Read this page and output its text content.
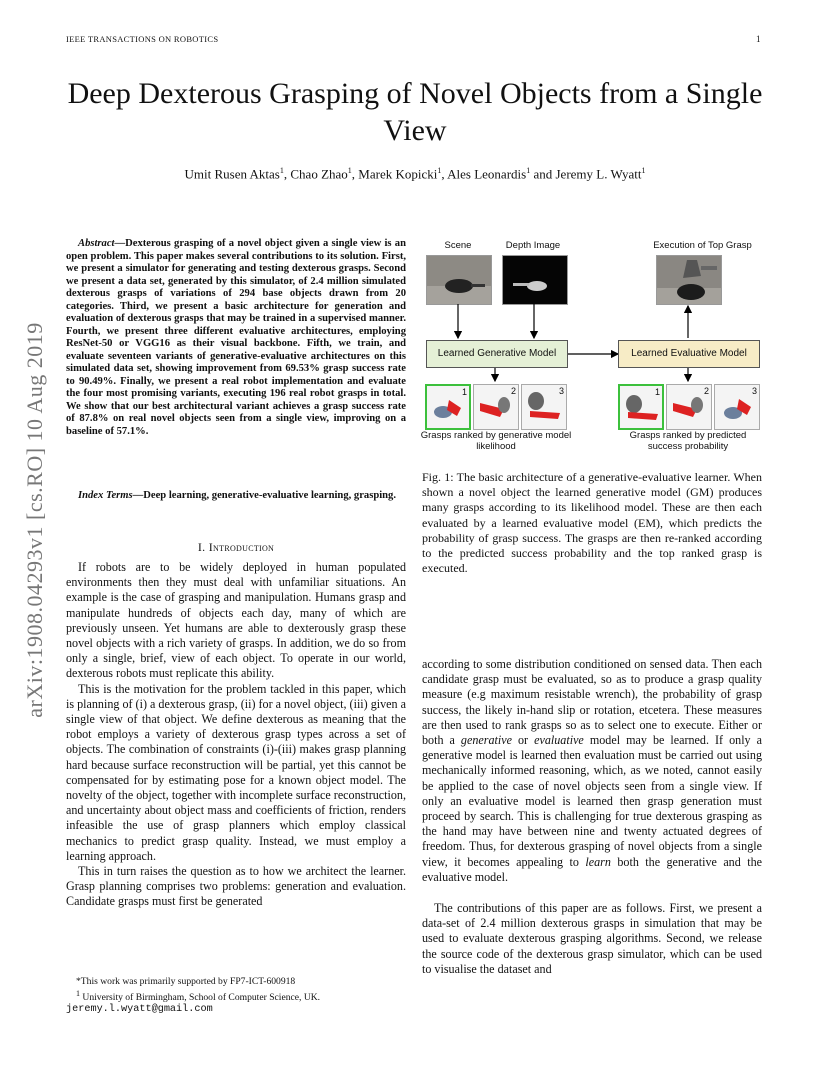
IEEE TRANSACTIONS ON ROBOTICS	1
Deep Dexterous Grasping of Novel Objects from a Single View
Umit Rusen Aktas$^1$, Chao Zhao$^1$, Marek Kopicki$^1$, Ales Leonardis$^1$ and Jeremy L. Wyatt$^1$
arXiv:1908.04293v1 [cs.RO] 10 Aug 2019
Abstract—Dexterous grasping of a novel object given a single view is an open problem. This paper makes several contributions to its solution. First, we present a simulator for generating and testing dexterous grasps. Second we present a data set, generated by this simulator, of 2.4 million simulated dexterous grasps of variations of 294 base objects drawn from 20 categories. Third, we present a basic architecture for generation and evaluation of dexterous grasps that may be trained in a supervised manner. Fourth, we present three different evaluative architectures, employing ResNet-50 or VGG16 as their visual backbone. Fifth, we train, and evaluate seventeen variants of generative-evaluative architectures on this simulated data set, showing improvement from 69.53% grasp success rate to 90.49%. Finally, we present a real robot implementation and evaluate the four most promising variants, executing 196 real robot grasps in total. We show that our best architectural variant achieves a grasp success rate of 87.8% on real novel objects seen from a single view, improving on a baseline of 57.1%.
Index Terms—Deep learning, generative-evaluative learning, grasping.
I. Introduction

If robots are to be widely deployed in human populated environments then they must deal with unfamiliar situations. An example is the case of grasping and manipulation. Humans grasp and manipulate hundreds of objects each day, many of which are previously unseen. Yet humans are able to dexterously grasp these novel objects with a rich variety of grasps. In addition, we do so from only a single, brief, view of each object. To operate in our world, dexterous robots must replicate this ability.

This is the motivation for the problem tackled in this paper, which is planning of (i) a dexterous grasp, (ii) for a novel object, (iii) given a single view of that object. We define dexterous as meaning that the robot employs a variety of dexterous grasp types across a set of objects. The combination of constraints (i)-(iii) makes grasp planning hard because surface reconstruction will be partial, yet this cannot be compensated for by estimating pose for a known object model. The novelty of the object, together with incomplete surface reconstruction, and uncertainty about object mass and coefficients of friction, renders infeasible the use of grasp planners which employ classical mechanics to predict grasp quality. Instead, we must employ a learning approach.

This in turn raises the question as to how we architect the learner. Grasp planning comprises two problems: generation and evaluation. Candidate grasps must first be generated

*This work was primarily supported by FP7-ICT-600918

$^1$ University of Birmingham, School of Computer Science, UK.

jeremy.l.wyatt@gmail.com
Scene	Depth Image	Execution of Top Grasp
Learned Generative Model	Learned Evaluative Model
1	2	3	1	2	3
Grasps ranked by generative model likelihood
Grasps ranked by predicted success probability
Fig. 1: The basic architecture of a generative-evaluative learner. When shown a novel object the learned generative model (GM) produces many grasps according to its likelihood model. These are then each evaluated by a learned evaluative model (EM), which predicts the probability of grasp success. The grasps are then re-ranked according to the predicted success probability and the top ranked grasp is executed.

according to some distribution conditioned on sensed data. Then each candidate grasp must be evaluated, so as to produce a grasp quality measure (e.g maximum resistable wrench), the probability of grasp success, the likely in-hand slip or rotation, etcetera. These measures are then used to rank grasps so as to select one to execute. Either or both a generative or evaluative model may be learned. If only a generative model is learned then evaluation must be carried out using mechanically informed reasoning, which, as we noted, cannot easily be applied to the case of novel objects seen from a single view. If only an evaluative model is learned then grasp generation must proceed by search. This is challenging for true dexterous grasping as the hand may have between nine and twenty actuated degrees of freedom. Thus, for dexterous grasping of novel objects from a single view, it becomes appealing to learn both the generative and the evaluative model.

The contributions of this paper are as follows. First, we present a data-set of 2.4 million dexterous grasps in simulation that may be used to evaluate dexterous grasping algorithms. Second, we release the source code of the dexterous grasp simulator, which can be used to visualise the dataset and
